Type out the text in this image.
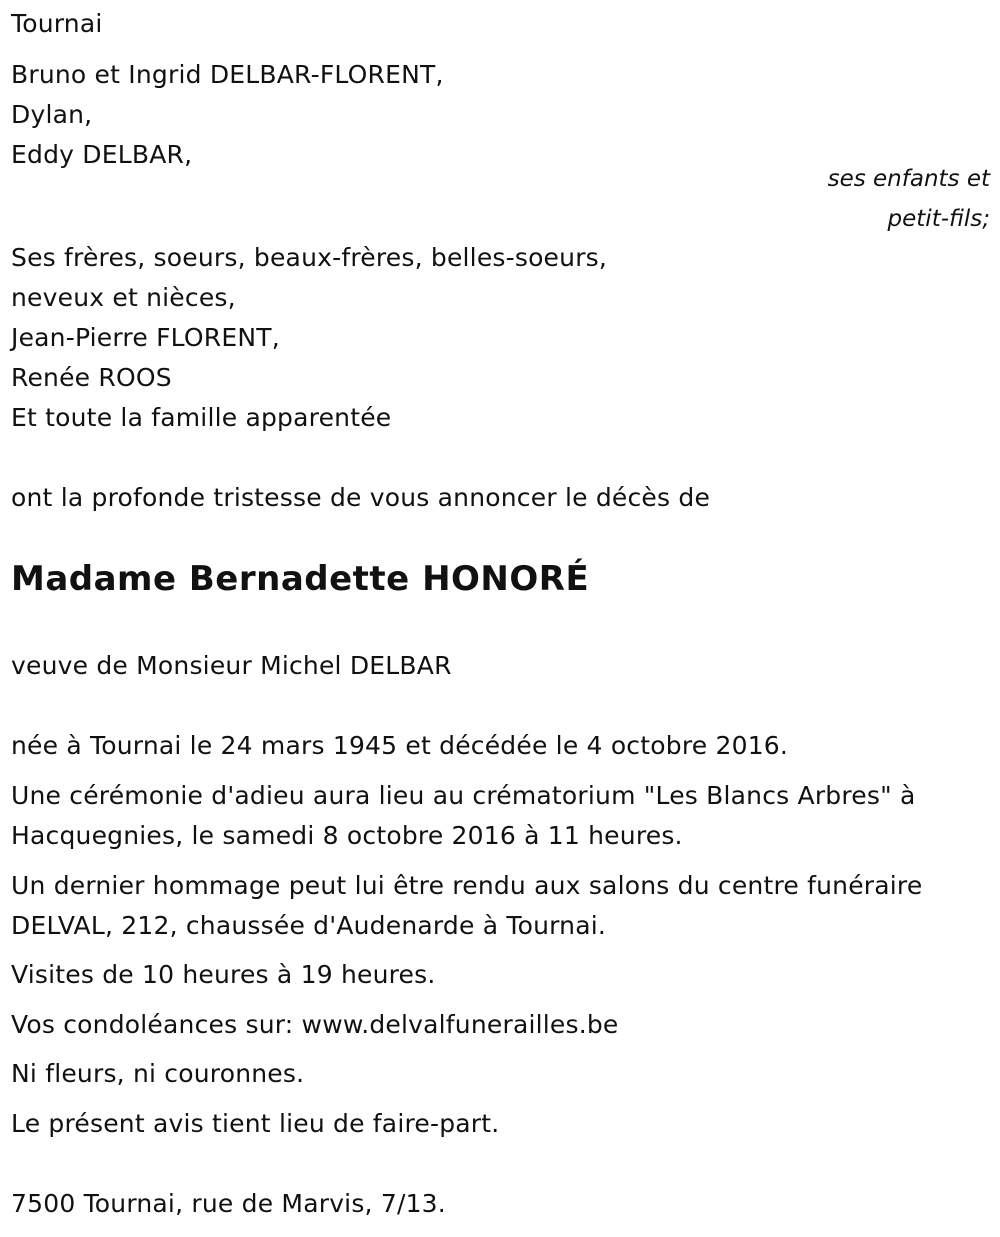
Tournai
Bruno et Ingrid DELBAR-FLORENT,
Dylan,
Eddy DELBAR,
ses enfants et
petit-fils;
Ses frères, soeurs, beaux-frères, belles-soeurs,
neveux et nièces,
Jean-Pierre FLORENT,
Renée ROOS
Et toute la famille apparentée
ont la profonde tristesse de vous annoncer le décès de
Madame Bernadette HONORÉ
veuve de Monsieur Michel DELBAR
née à Tournai le 24 mars 1945 et décédée le 4 octobre 2016.
Une cérémonie d'adieu aura lieu au crématorium "Les Blancs Arbres" à
Hacquegnies, le samedi 8 octobre 2016 à 11 heures.
Un dernier hommage peut lui être rendu aux salons du centre funéraire
DELVAL, 212, chaussée d'Audenarde à Tournai.
Visites de 10 heures à 19 heures.
Vos condoléances sur: www.delvalfunerailles.be
Ni fleurs, ni couronnes.
Le présent avis tient lieu de faire-part.
7500 Tournai, rue de Marvis, 7/13.
